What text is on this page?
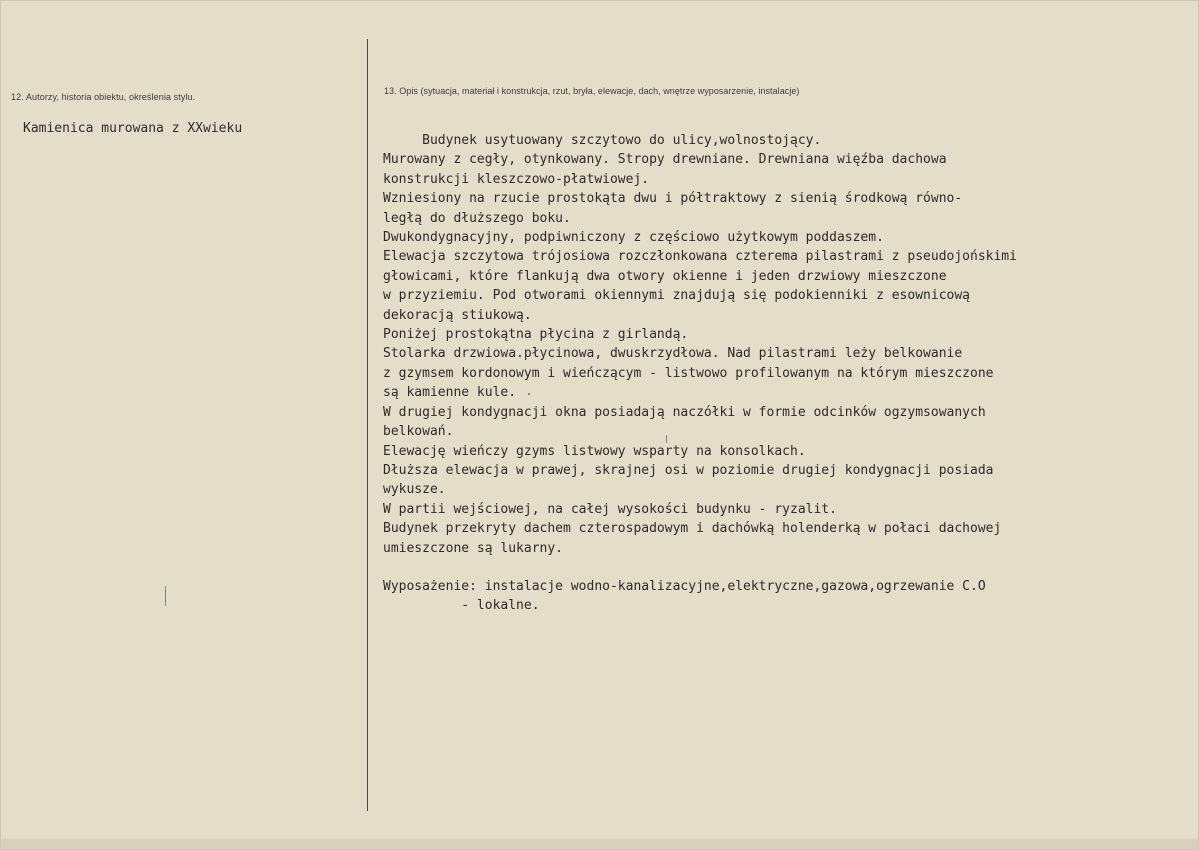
12. Autorzy, historia obiektu, określenia stylu.
Kamienica murowana z XXwieku
13. Opis (sytuacja, materiał i konstrukcja, rzut, bryła, elewacje, dach, wnętrze wyposarzenie, instalacje)
Budynek usytuowany szczytowo do ulicy,wolnostojący.
Murowany z cegły, otynkowany. Stropy drewniane. Drewniana więźba dachowa
konstrukcji kleszczowo-płatwiowej.
Wzniesiony na rzucie prostokąta dwu i półtraktowy z sienią środkową równo-
ległą do dłuższego boku.
Dwukondygnacyjny, podpiwniczony z częściowo użytkowym poddaszem.
Elewacja szczytowa trójosiowa rozczłonkowana czterema pilastrami z pseudojońskimi
głowicami, które flankują dwa otwory okienne i jeden drzwiowy mieszczone
w przyziemiu. Pod otworami okiennymi znajdują się podokienniki z esownicową
dekoracją stiukową.
Poniżej prostokątna płycina z girlandą.
Stolarka drzwiowa.płycinowa, dwuskrzydłowa. Nad pilastrami leży belkowanie
z gzymsem kordonowym i wieńczącym - listwowo profilowanym na którym mieszczone
są kamienne kule.
W drugiej kondygnacji okna posiadają naczółki w formie odcinków ogzymsowanych
belkowań.
Elewację wieńczy gzyms listwowy wsparty na konsolkach.
Dłuższa elewacja w prawej, skrajnej osi w poziomie drugiej kondygnacji posiada
wykusze.
W partii wejściowej, na całej wysokości budynku - ryzalit.
Budynek przekryty dachem czterospadowym i dachówką holenderką w połaci dachowej
umieszczone są lukarny.
Wyposażenie: instalacje wodno-kanalizacyjne,elektryczne,gazowa,ogrzewanie C.O
- lokalne.
